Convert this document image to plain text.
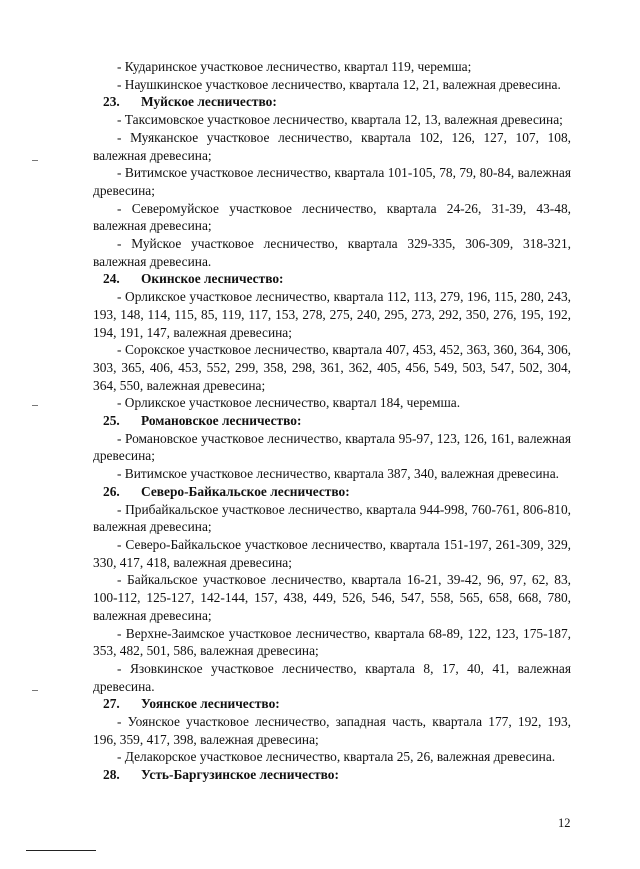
- Кударинское участковое лесничество, квартал 119, черемша;

- Наушкинское участковое лесничество, квартала 12, 21, валежная древесина.

23. Муйское лесничество:

- Таксимовское участковое лесничество, квартала 12, 13, валежная древесина;

- Муяканское участковое лесничество, квартала 102, 126, 127, 107, 108, валежная древесина;

- Витимское участковое лесничество, квартала 101-105, 78, 79, 80-84, валежная древесина;

- Северомуйское участковое лесничество, квартала 24-26, 31-39, 43-48, валежная древесина;

- Муйское участковое лесничество, квартала 329-335, 306-309, 318-321, валежная древесина.

24. Окинское лесничество:

- Орликское участковое лесничество, квартала 112, 113, 279, 196, 115, 280, 243, 193, 148, 114, 115, 85, 119, 117, 153, 278, 275, 240, 295, 273, 292, 350, 276, 195, 192, 194, 191, 147, валежная древесина;

- Сорокское участковое лесничество, квартала 407, 453, 452, 363, 360, 364, 306, 303, 365, 406, 453, 552, 299, 358, 298, 361, 362, 405, 456, 549, 503, 547, 502, 304, 364, 550, валежная древесина;

- Орликское участковое лесничество, квартал 184, черемша.

25. Романовское лесничество:

- Романовское участковое лесничество, квартала 95-97, 123, 126, 161, валежная древесина;

- Витимское участковое лесничество, квартала 387, 340, валежная древесина.

26. Северо-Байкальское лесничество:

- Прибайкальское участковое лесничество, квартала 944-998, 760-761, 806-810, валежная древесина;

- Северо-Байкальское участковое лесничество, квартала 151-197, 261-309, 329, 330, 417, 418, валежная древесина;

- Байкальское участковое лесничество, квартала 16-21, 39-42, 96, 97, 62, 83, 100-112, 125-127, 142-144, 157, 438, 449, 526, 546, 547, 558, 565, 658, 668, 780, валежная древесина;

- Верхне-Заимское участковое лесничество, квартала 68-89, 122, 123, 175-187, 353, 482, 501, 586, валежная древесина;

- Язовкинское участковое лесничество, квартала 8, 17, 40, 41, валежная древесина.

27. Уоянское лесничество:

- Уоянское участковое лесничество, западная часть, квартала 177, 192, 193, 196, 359, 417, 398, валежная древесина;

- Делакорское участковое лесничество, квартала 25, 26, валежная древесина.

28. Усть-Баргузинское лесничество:

12
